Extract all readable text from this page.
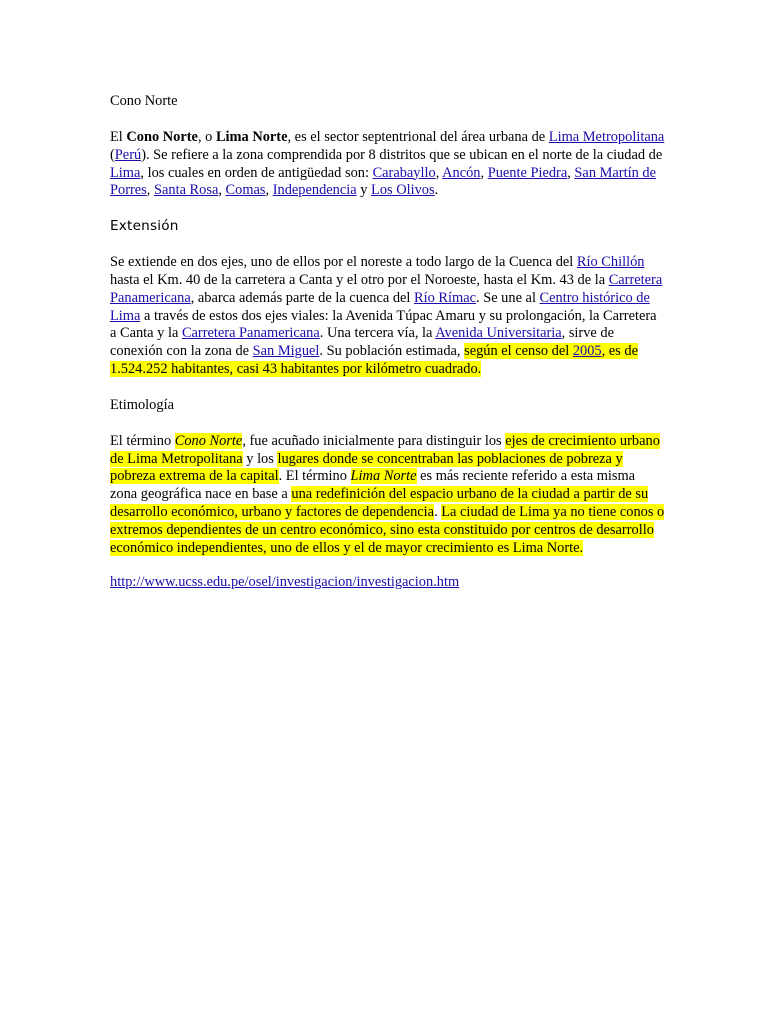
Cono Norte

El Cono Norte, o Lima Norte, es el sector septentrional del área urbana de Lima Metropolitana (Perú). Se refiere a la zona comprendida por 8 distritos que se ubican en el norte de la ciudad de Lima, los cuales en orden de antigüedad son: Carabayllo, Ancón, Puente Piedra, San Martín de Porres, Santa Rosa, Comas, Independencia y Los Olivos.

Extensión

Se extiende en dos ejes, uno de ellos por el noreste a todo largo de la Cuenca del Río Chillón hasta el Km. 40 de la carretera a Canta y el otro por el Noroeste, hasta el Km. 43 de la Carretera Panamericana, abarca además parte de la cuenca del Río Rímac. Se une al Centro histórico de Lima a través de estos dos ejes viales: la Avenida Túpac Amaru y su prolongación, la Carretera a Canta y la Carretera Panamericana. Una tercera vía, la Avenida Universitaria, sirve de conexión con la zona de San Miguel. Su población estimada, según el censo del 2005, es de 1.524.252 habitantes, casi 43 habitantes por kilómetro cuadrado.

Etimología

El término Cono Norte, fue acuñado inicialmente para distinguir los ejes de crecimiento urbano de Lima Metropolitana y los lugares donde se concentraban las poblaciones de pobreza y pobreza extrema de la capital. El término Lima Norte es más reciente referido a esta misma zona geográfica nace en base a una redefinición del espacio urbano de la ciudad a partir de su desarrollo económico, urbano y factores de dependencia. La ciudad de Lima ya no tiene conos o extremos dependientes de un centro económico, sino esta constituido por centros de desarrollo económico independientes, uno de ellos y el de mayor crecimiento es Lima Norte.

http://www.ucss.edu.pe/osel/investigacion/investigacion.htm
